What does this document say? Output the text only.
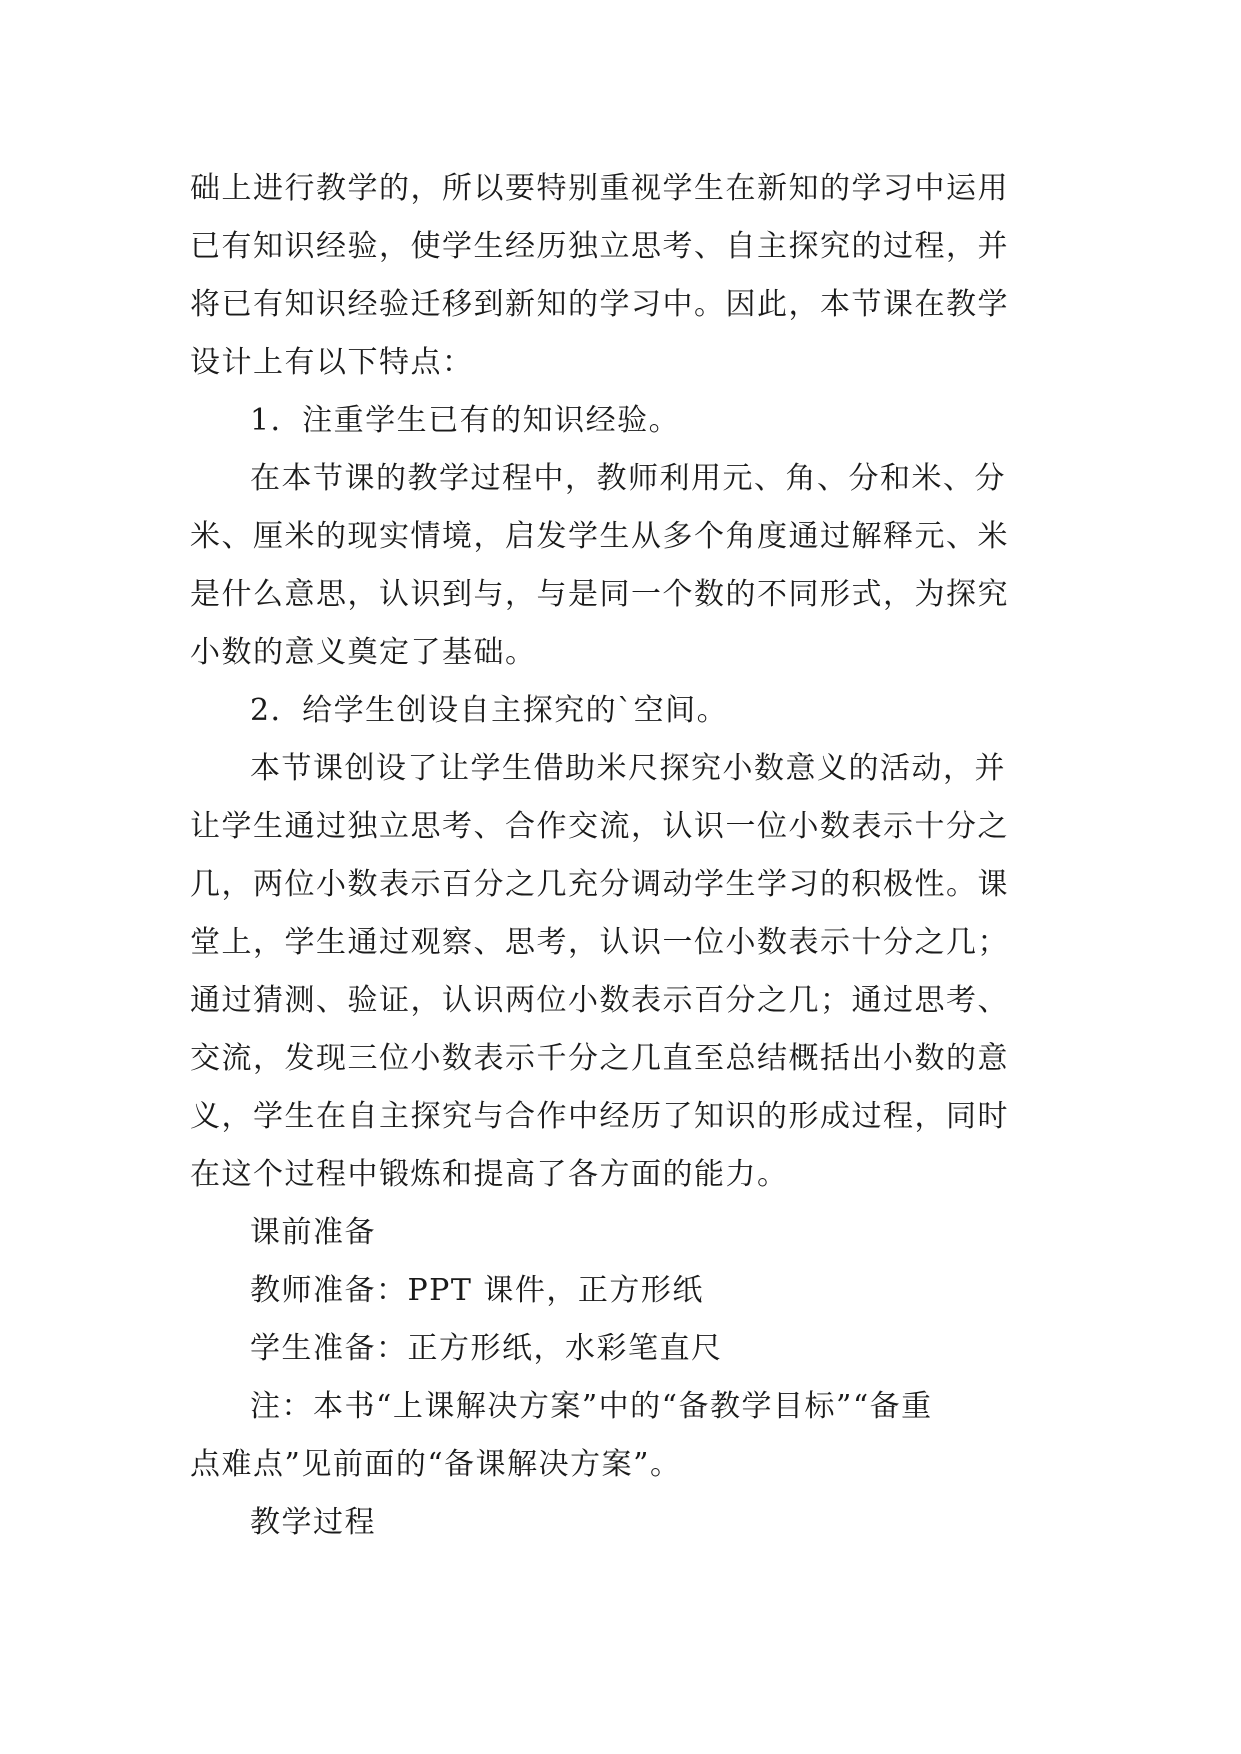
础上进行教学的，所以要特别重视学生在新知的学习中运用
已有知识经验，使学生经历独立思考、自主探究的过程，并
将已有知识经验迁移到新知的学习中。因此，本节课在教学
设计上有以下特点：
1．注重学生已有的知识经验。
在本节课的教学过程中，教师利用元、角、分和米、分
米、厘米的现实情境，启发学生从多个角度通过解释元、米
是什么意思，认识到与，与是同一个数的不同形式，为探究
小数的意义奠定了基础。
2．给学生创设自主探究的`空间。
本节课创设了让学生借助米尺探究小数意义的活动，并
让学生通过独立思考、合作交流，认识一位小数表示十分之
几，两位小数表示百分之几充分调动学生学习的积极性。课
堂上，学生通过观察、思考，认识一位小数表示十分之几；
通过猜测、验证，认识两位小数表示百分之几；通过思考、
交流，发现三位小数表示千分之几直至总结概括出小数的意
义，学生在自主探究与合作中经历了知识的形成过程，同时
在这个过程中锻炼和提高了各方面的能力。
课前准备
教师准备：PPT 课件，正方形纸
学生准备：正方形纸，水彩笔直尺
注：本书“上课解决方案”中的“备教学目标”“备重
点难点”见前面的“备课解决方案”。
教学过程
